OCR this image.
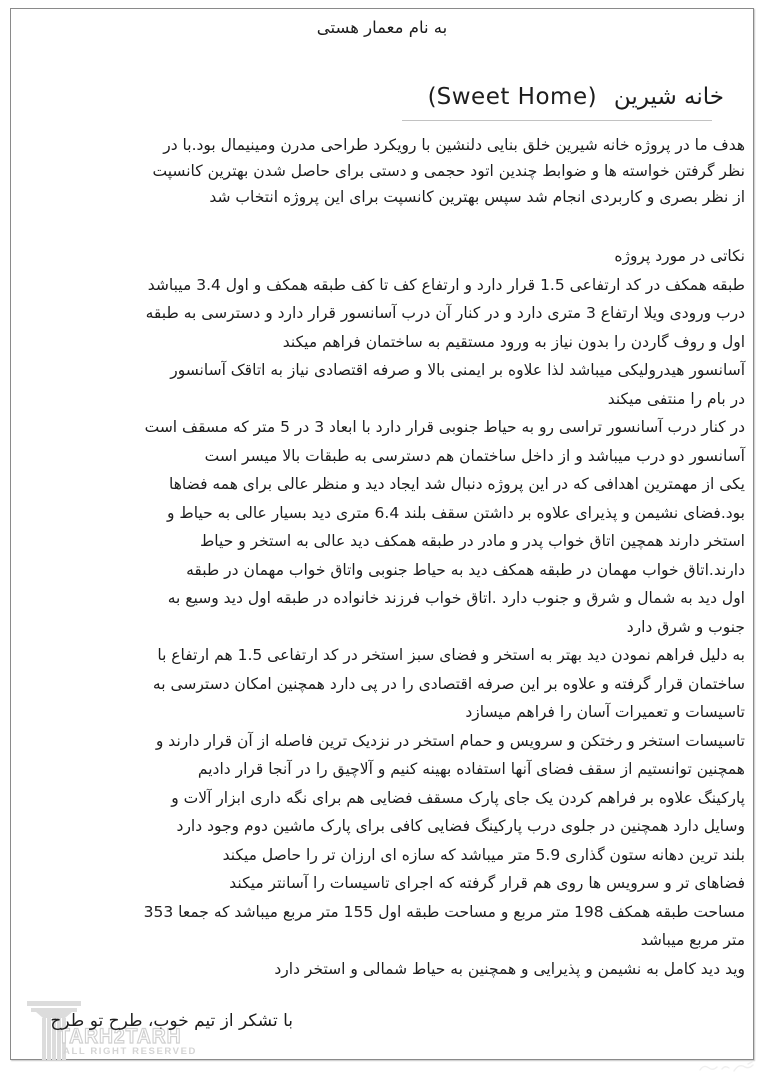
TARH2TARH
ALL RIGHT RESERVED
به نام معمار هستی
خانه شیرین (Sweet Home)
هدف ما در پروژه خانه شیرین خلق بنایی دلنشین با رویکرد طراحی مدرن ومینیمال بود.با در
نظر گرفتن خواسته ها و ضوابط چندین اتود حجمی و دستی برای حاصل شدن بهترین کانسپت
از نظر بصری و کاربردی انجام شد سپس بهترین کانسپت برای این پروژه انتخاب شد
نکاتی در مورد پروژه
طبقه همکف در کد ارتفاعی 1.5 قرار دارد و ارتفاع کف تا کف طبقه همکف و اول 3.4 میباشد
درب ورودی ویلا ارتفاع 3 متری دارد و در کنار آن درب آسانسور قرار دارد و دسترسی به طبقه
اول و روف گاردن را بدون نیاز به ورود مستقیم به ساختمان فراهم میکند
آسانسور هیدرولیکی میباشد لذا علاوه بر ایمنی بالا و صرفه اقتصادی نیاز به اتاقک آسانسور
در بام را منتفی میکند
در کنار درب آسانسور تراسی رو به حیاط جنوبی قرار دارد با ابعاد 3 در 5 متر که مسقف است
آسانسور دو درب میباشد و از داخل ساختمان هم دسترسی به طبقات بالا میسر است
یکی از مهمترین اهدافی که در این پروژه دنبال شد ایجاد دید و منظر عالی برای همه فضاها
بود.فضای نشیمن و پذیرای علاوه بر داشتن سقف بلند 6.4 متری دید بسیار عالی به حیاط و
استخر دارند همچین اتاق خواب پدر و مادر در طبقه همکف دید عالی به استخر و حیاط
دارند.اتاق خواب مهمان در طبقه همکف دید به حیاط جنوبی واتاق خواب مهمان در طبقه
اول دید به شمال و شرق و جنوب دارد .اتاق خواب فرزند خانواده در طبقه اول دید وسیع به
جنوب و شرق دارد
به دلیل فراهم نمودن دید بهتر به استخر و فضای سبز استخر در کد ارتفاعی 1.5 هم ارتفاع با
ساختمان قرار گرفته و علاوه بر این صرفه اقتصادی را در پی دارد همچنین امکان دسترسی به
تاسیسات و تعمیرات آسان را فراهم میسازد
تاسیسات استخر و رختکن و سرویس و حمام استخر در نزدیک ترین فاصله از آن قرار دارند و
همچنین توانستیم از سقف فضای آنها استفاده بهینه کنیم و آلاچیق را در آنجا قرار دادیم
پارکینگ علاوه بر فراهم کردن یک جای پارک مسقف فضایی هم برای نگه داری ابزار آلات و
وسایل دارد همچنین در جلوی درب پارکینگ فضایی کافی برای پارک ماشین دوم وجود دارد
بلند ترین دهانه ستون گذاری 5.9 متر میباشد که سازه ای ارزان تر را حاصل میکند
فضاهای تر و سرویس ها روی هم قرار گرفته که اجرای تاسیسات را آسانتر میکند
مساحت طبقه همکف 198 متر مربع و مساحت طبقه اول 155 متر مربع میباشد که جمعا 353
متر مربع میباشد
وید دید کامل به نشیمن و پذیرایی و همچنین به حیاط شمالی و استخر دارد
با تشکر از تیم خوب، طرح تو طرح
